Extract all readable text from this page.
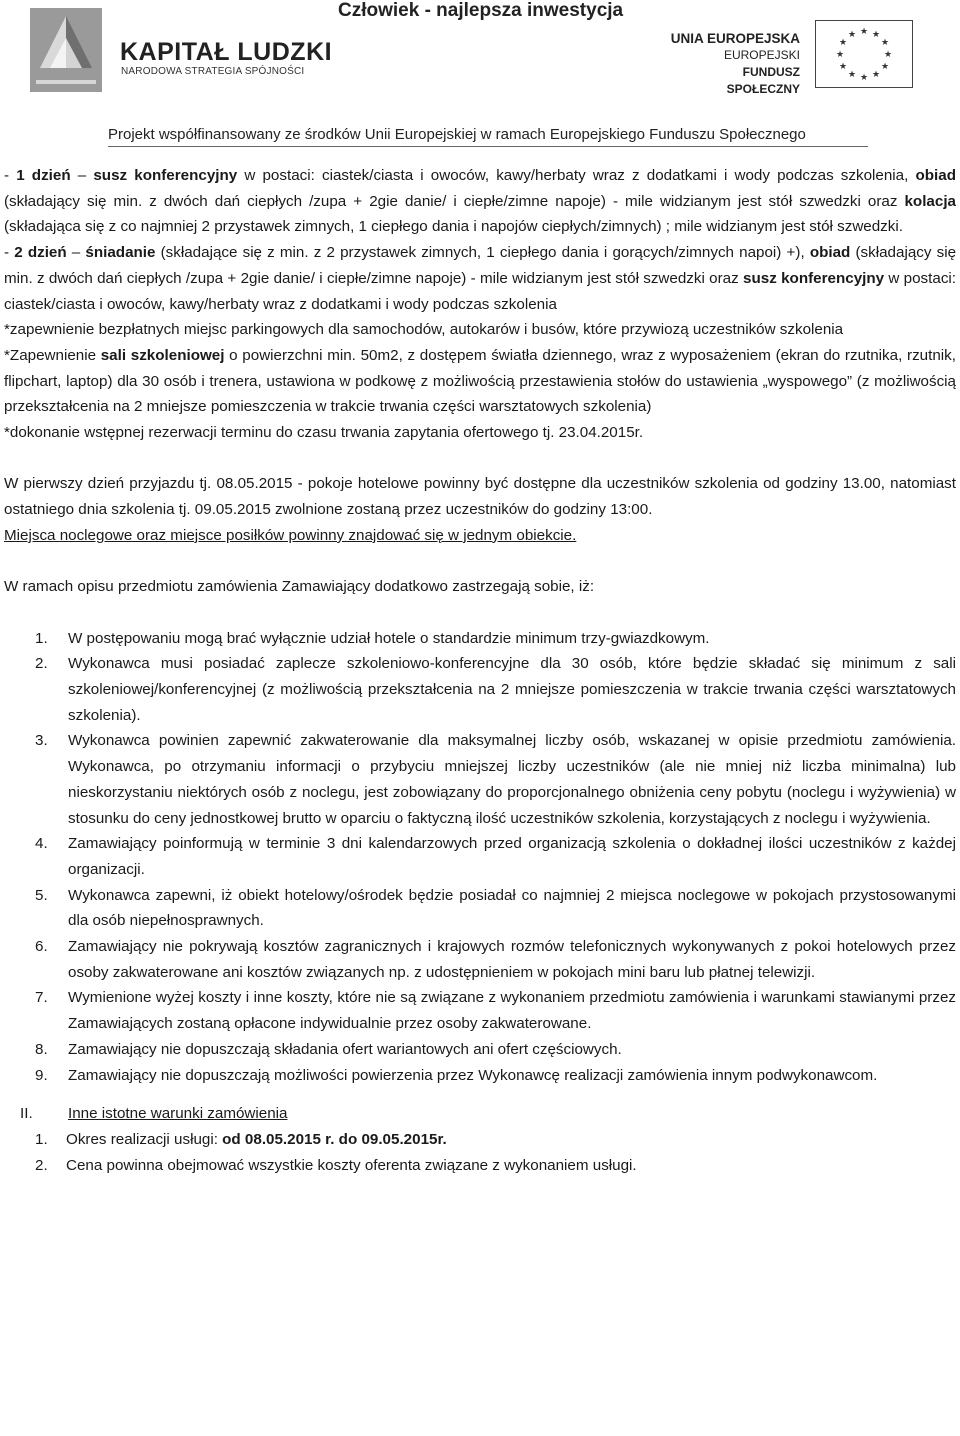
Człowiek - najlepsza inwestycja
KAPITAŁ LUDZKI
NARODOWA STRATEGIA SPÓJNOŚCI
UNIA EUROPEJSKA
EUROPEJSKI
FUNDUSZ SPOŁECZNY
★ ★
★
★
★
★
★
★
★
★
★
★
Projekt współfinansowany ze środków Unii Europejskiej w ramach Europejskiego Funduszu Społecznego

- 1 dzień – susz konferencyjny w postaci: ciastek/ciasta i owoców, kawy/herbaty wraz z dodatkami i wody podczas szkolenia, obiad (składający się min. z dwóch dań ciepłych /zupa + 2gie danie/ i ciepłe/zimne napoje) - mile widzianym jest stół szwedzki oraz kolacja (składająca się z co najmniej 2 przystawek zimnych, 1 ciepłego dania i napojów ciepłych/zimnych) ; mile widzianym jest stół szwedzki.

- 2 dzień – śniadanie (składające się z min. z 2 przystawek zimnych, 1 ciepłego dania i gorących/zimnych napoi) +), obiad (składający się min. z dwóch dań ciepłych /zupa + 2gie danie/ i ciepłe/zimne napoje) - mile widzianym jest stół szwedzki oraz susz konferencyjny w postaci: ciastek/ciasta i owoców, kawy/herbaty wraz z dodatkami i wody podczas szkolenia

*zapewnienie bezpłatnych miejsc parkingowych dla samochodów, autokarów i busów, które przywiozą uczestników szkolenia

*Zapewnienie sali szkoleniowej o powierzchni min. 50m2, z dostępem światła dziennego, wraz z wyposażeniem (ekran do rzutnika, rzutnik, flipchart, laptop) dla 30 osób i trenera, ustawiona w podkowę z możliwością przestawienia stołów do ustawienia „wyspowego” (z możliwością przekształcenia na 2 mniejsze pomieszczenia w trakcie trwania części warsztatowych szkolenia)

*dokonanie wstępnej rezerwacji terminu do czasu trwania zapytania ofertowego tj. 23.04.2015r.

W pierwszy dzień przyjazdu tj. 08.05.2015 - pokoje hotelowe powinny być dostępne dla uczestników szkolenia od godziny 13.00, natomiast ostatniego dnia szkolenia tj. 09.05.2015 zwolnione zostaną przez uczestników do godziny 13:00.

Miejsca noclegowe oraz miejsce posiłków powinny znajdować się w jednym obiekcie.

W ramach opisu przedmiotu zamówienia Zamawiający dodatkowo zastrzegają sobie, iż:

1. W postępowaniu mogą brać wyłącznie udział hotele o standardzie minimum trzy-gwiazdkowym.
2. Wykonawca musi posiadać zaplecze szkoleniowo-konferencyjne dla 30 osób, które będzie składać się minimum z sali szkoleniowej/konferencyjnej (z możliwością przekształcenia na 2 mniejsze pomieszczenia w trakcie trwania części warsztatowych szkolenia).
3. Wykonawca powinien zapewnić zakwaterowanie dla maksymalnej liczby osób, wskazanej w opisie przedmiotu zamówienia. Wykonawca, po otrzymaniu informacji o przybyciu mniejszej liczby uczestników (ale nie mniej niż liczba minimalna) lub nieskorzystaniu niektórych osób z noclegu, jest zobowiązany do proporcjonalnego obniżenia ceny pobytu (noclegu i wyżywienia) w stosunku do ceny jednostkowej brutto w oparciu o faktyczną ilość uczestników szkolenia, korzystających z noclegu i wyżywienia.
4. Zamawiający poinformują w terminie 3 dni kalendarzowych przed organizacją szkolenia o dokładnej ilości uczestników z każdej organizacji.
5. Wykonawca zapewni, iż obiekt hotelowy/ośrodek będzie posiadał co najmniej 2 miejsca noclegowe w pokojach przystosowanymi dla osób niepełnosprawnych.
6. Zamawiający nie pokrywają kosztów zagranicznych i krajowych rozmów telefonicznych wykonywanych z pokoi hotelowych przez osoby zakwaterowane ani kosztów związanych np. z udostępnieniem w pokojach mini baru lub płatnej telewizji.
7. Wymienione wyżej koszty i inne koszty, które nie są związane z wykonaniem przedmiotu zamówienia i warunkami stawianymi przez Zamawiających zostaną opłacone indywidualnie przez osoby zakwaterowane.
8. Zamawiający nie dopuszczają składania ofert wariantowych ani ofert częściowych.
9. Zamawiający nie dopuszczają możliwości powierzenia przez Wykonawcę realizacji zamówienia innym podwykonawcom.
II. Inne istotne warunki zamówienia
1. Okres realizacji usługi: od 08.05.2015 r. do 09.05.2015r.
2. Cena powinna obejmować wszystkie koszty oferenta związane z wykonaniem usługi.
